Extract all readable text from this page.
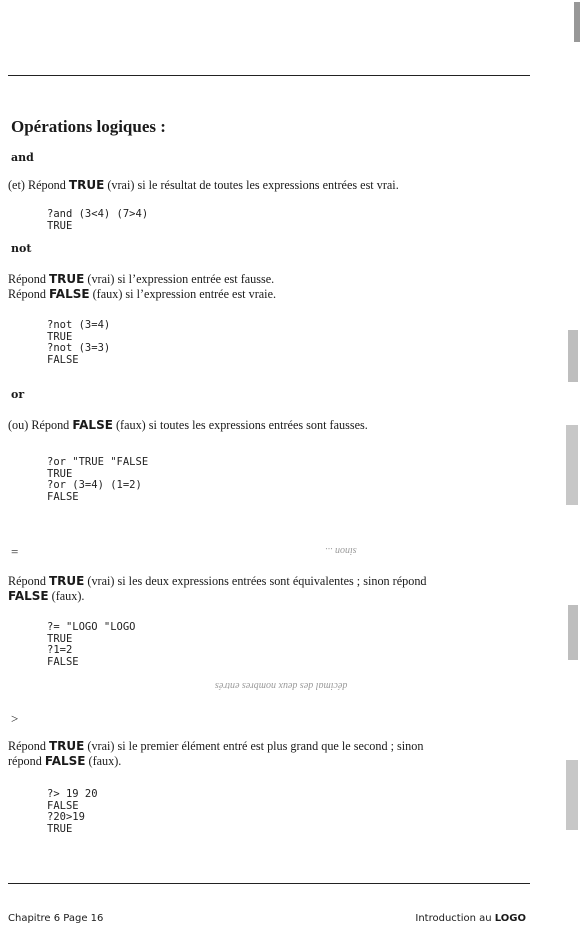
Opérations logiques :
and

(et) Répond TRUE (vrai) si le résultat de toutes les expressions entrées est vrai.

?and (3<4) (7>4)
TRUE
not

Répond TRUE (vrai) si l’expression entrée est fausse.
Répond FALSE (faux) si l’expression entrée est vraie.

?not (3=4)
TRUE
?not (3=3)
FALSE
or

(ou) Répond FALSE (faux) si toutes les expressions entrées sont fausses.

?or "TRUE "FALSE
TRUE
?or (3=4) (1=2)
FALSE
=	sinon ...

Répond TRUE (vrai) si les deux expressions entrées sont équivalentes ; sinon répond
FALSE (faux).

?= "LOGO "LOGO
TRUE
?1=2
FALSE
décimal des deux nombres entrés
>

Répond TRUE (vrai) si le premier élément entré est plus grand que le second ; sinon
répond FALSE (faux).

?> 19 20
FALSE
?20>19
TRUE
Chapitre 6 Page 16	Introduction au LOGO
